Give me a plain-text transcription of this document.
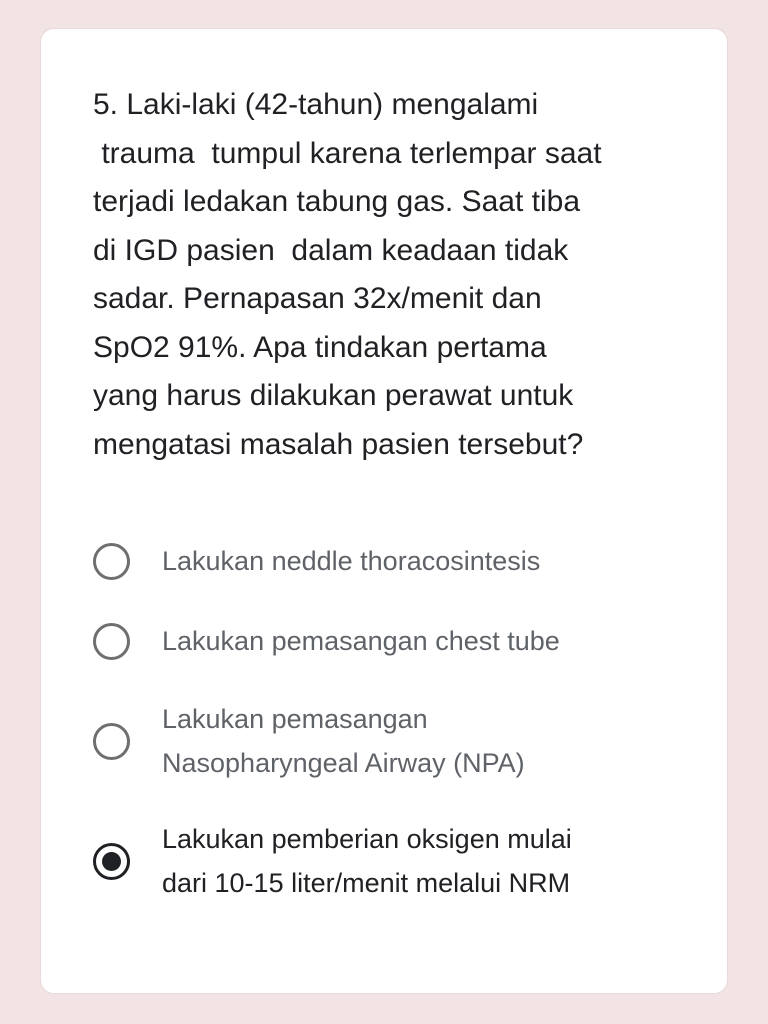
5. Laki-laki (42-tahun) mengalami
trauma  tumpul karena terlempar saat
terjadi ledakan tabung gas. Saat tiba
di IGD pasien  dalam keadaan tidak
sadar. Pernapasan 32x/menit dan
SpO2 91%. Apa tindakan pertama
yang harus dilakukan perawat untuk
mengatasi masalah pasien tersebut?

Lakukan neddle thoracosintesis
Lakukan pemasangan chest tube
Lakukan pemasangan
Nasopharyngeal Airway (NPA)
Lakukan pemberian oksigen mulai
dari 10-15 liter/menit melalui NRM
